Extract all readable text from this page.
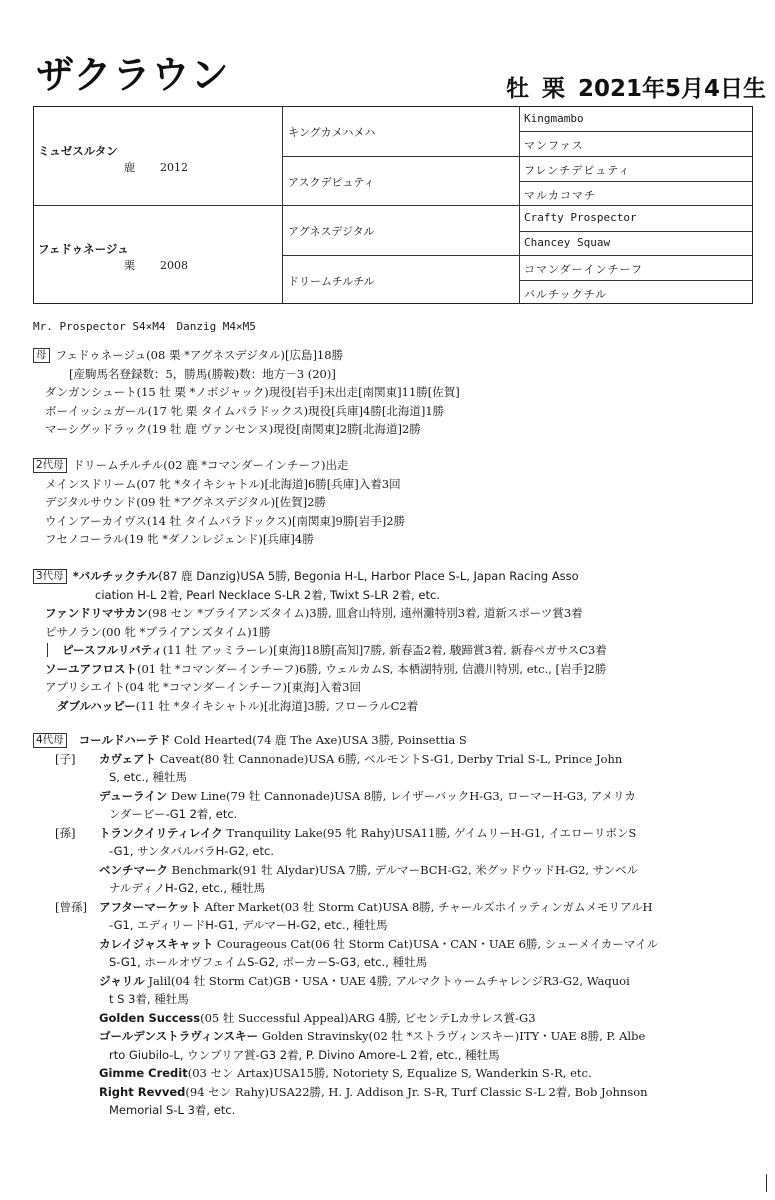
ザクラウン	牡 栗 2021年5月4日生
ミュゼスルタン
鹿 2012
フェドゥネージュ
栗 2008
キングカメハメハ
アスクデピュティ
アグネスデジタル
ドリームチルチル
Kingmambo
マンファス
フレンチデピュティ
マルカコマチ
Crafty Prospector
Chancey Squaw
コマンダーインチーフ
バルチックチル
Mr. Prospector S4×M4　Danzig M4×M5
母 フェドゥネージュ(08 栗 *アグネスデジタル)[広島]18勝
[産駒馬名登録数：5，勝馬(勝鞍)数：地方－3 (20)]
ダンガンシュート(15 牡 栗 *ノボジャック)現役[岩手]未出走[南関東]11勝[佐賀]
ボーイッシュガール(17 牝 栗 タイムパラドックス)現役[兵庫]4勝[北海道]1勝
マーシグッドラック(19 牡 鹿 ヴァンセンヌ)現役[南関東]2勝[北海道]2勝
2代母 ドリームチルチル(02 鹿 *コマンダーインチーフ)出走
メインスドリーム(07 牝 *タイキシャトル)[北海道]6勝[兵庫]入着3回
デジタルサウンド(09 牡 *アグネスデジタル)[佐賀]2勝
ウインアーカイヴス(14 牡 タイムパラドックス)[南関東]9勝[岩手]2勝
フセノコーラル(19 牝 *ダノンレジェンド)[兵庫]4勝
3代母 *バルチックチル(87 鹿 Danzig)USA 5勝, Begonia H-L, Harbor Place S-L, Japan Racing Asso
ciation H-L 2着, Pearl Necklace S-LR 2着, Twixt S-LR 2着, etc.
ファンドリマサカン(98 セン *ブライアンズタイム)3勝, 皿倉山特別, 遠州灘特別3着, 道新スポーツ賞3着
ピサノラン(00 牝 *ブライアンズタイム)1勝
ピースフルリバティ(11 牡 アッミラーレ)[東海]18勝[高知]7勝, 新春盃2着, 駿蹄賞3着, 新春ペガサスC3着
ソーユアフロスト(01 牡 *コマンダーインチーフ)6勝, ウェルカムS, 本栖湖特別, 信濃川特別, etc., [岩手]2勝
アプリシエイト(04 牝 *コマンダーインチーフ)[東海]入着3回
ダブルハッピー(11 牡 *タイキシャトル)[北海道]3勝, フローラルC2着
4代母 コールドハーテド Cold Hearted(74 鹿 The Axe)USA 3勝, Poinsettia S
[子] カヴェアト Caveat(80 牡 Cannonade)USA 6勝, ベルモントS-G1, Derby Trial S-L, Prince John
S, etc., 種牡馬
デューライン Dew Line(79 牡 Cannonade)USA 8勝, レイザーバックH-G3, ローマーH-G3, アメリカ
ンダービー-G1 2着, etc.
[孫] トランクイリティレイク Tranquility Lake(95 牝 Rahy)USA11勝, ゲイムリーH-G1, イエローリボンS
-G1, サンタバルバラH-G2, etc.
ベンチマーク Benchmark(91 牡 Alydar)USA 7勝, デルマーBCH-G2, 米グッドウッドH-G2, サンベル
ナルディノH-G2, etc., 種牡馬
[曾孫] アフターマーケット After Market(03 牡 Storm Cat)USA 8勝, チャールズホイッティンガムメモリアルH
-G1, エディリードH-G1, デルマーH-G2, etc., 種牡馬
カレイジャスキャット Courageous Cat(06 牡 Storm Cat)USA・CAN・UAE 6勝, シューメイカーマイル
S-G1, ホールオヴフェイムS-G2, ポーカーS-G3, etc., 種牡馬
ジャリル Jalil(04 牡 Storm Cat)GB・USA・UAE 4勝, アルマクトゥームチャレンジR3-G2, Waquoi
t S 3着, 種牡馬
Golden Success(05 牡 Successful Appeal)ARG 4勝, ビセンテLカサレス賞-G3
ゴールデンストラヴィンスキー Golden Stravinsky(02 牡 *ストラヴィンスキー)ITY・UAE 8勝, P. Albe
rto Giubilo-L, ウンブリア賞-G3 2着, P. Divino Amore-L 2着, etc., 種牡馬
Gimme Credit(03 セン Artax)USA15勝, Notoriety S, Equalize S, Wanderkin S-R, etc.
Right Revved(94 セン Rahy)USA22勝, H. J. Addison Jr. S-R, Turf Classic S-L 2着, Bob Johnson
Memorial S-L 3着, etc.
